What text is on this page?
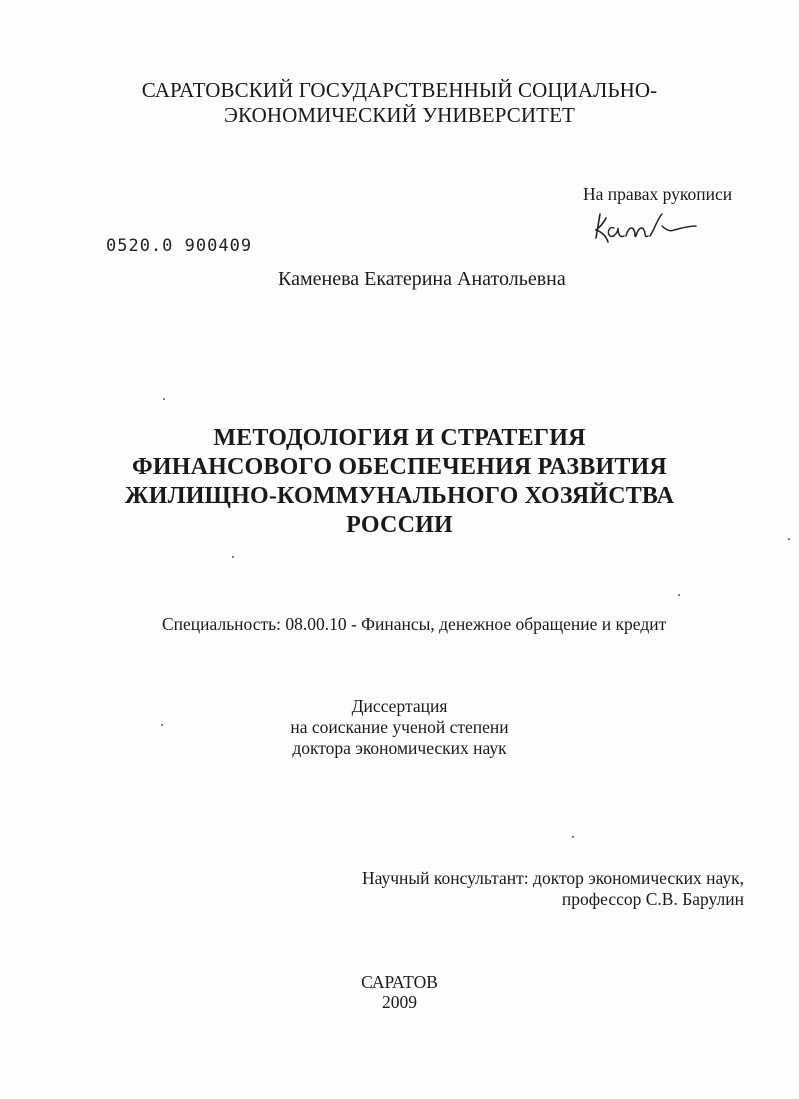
САРАТОВСКИЙ ГОСУДАРСТВЕННЫЙ СОЦИАЛЬНО-
ЭКОНОМИЧЕСКИЙ УНИВЕРСИТЕТ
На правах рукописи
0520.0 900409
Каменева Екатерина Анатольевна
МЕТОДОЛОГИЯ И СТРАТЕГИЯ
ФИНАНСОВОГО ОБЕСПЕЧЕНИЯ РАЗВИТИЯ
ЖИЛИЩНО-КОММУНАЛЬНОГО ХОЗЯЙСТВА
РОССИИ
Специальность: 08.00.10 - Финансы, денежное обращение и кредит
Диссертация
на соискание ученой степени
доктора экономических наук
Научный консультант: доктор экономических наук,
профессор С.В. Барулин
САРАТОВ
2009
